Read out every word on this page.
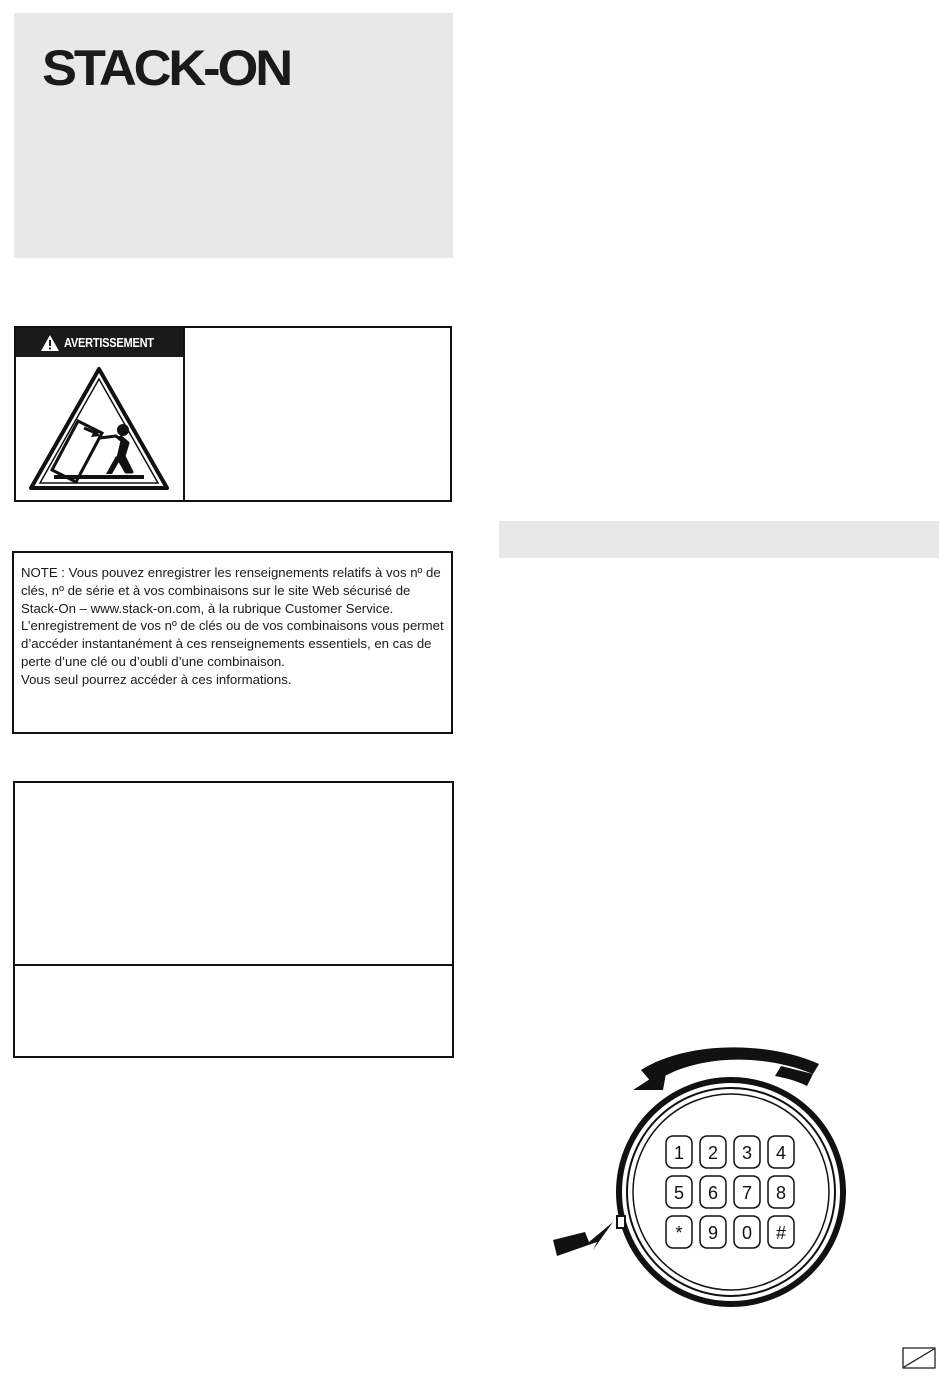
STACK-ON
AVERTISSEMENT

NOTE : Vous pouvez enregistrer les renseignements relatifs à vos nº de clés, nº de série et à vos combinaisons sur le site Web sécurisé de Stack-On – www.stack-on.com, à la rubrique Customer Service.

L’enregistrement de vos nº de clés ou de vos combinaisons vous permet d’accéder instantanément à ces renseignements essentiels, en cas de perte d’une clé ou d’oubli d’une combinaison.

Vous seul pourrez accéder à ces informations.

1 2 3 4
5 6 7 8
* 9 0 #
